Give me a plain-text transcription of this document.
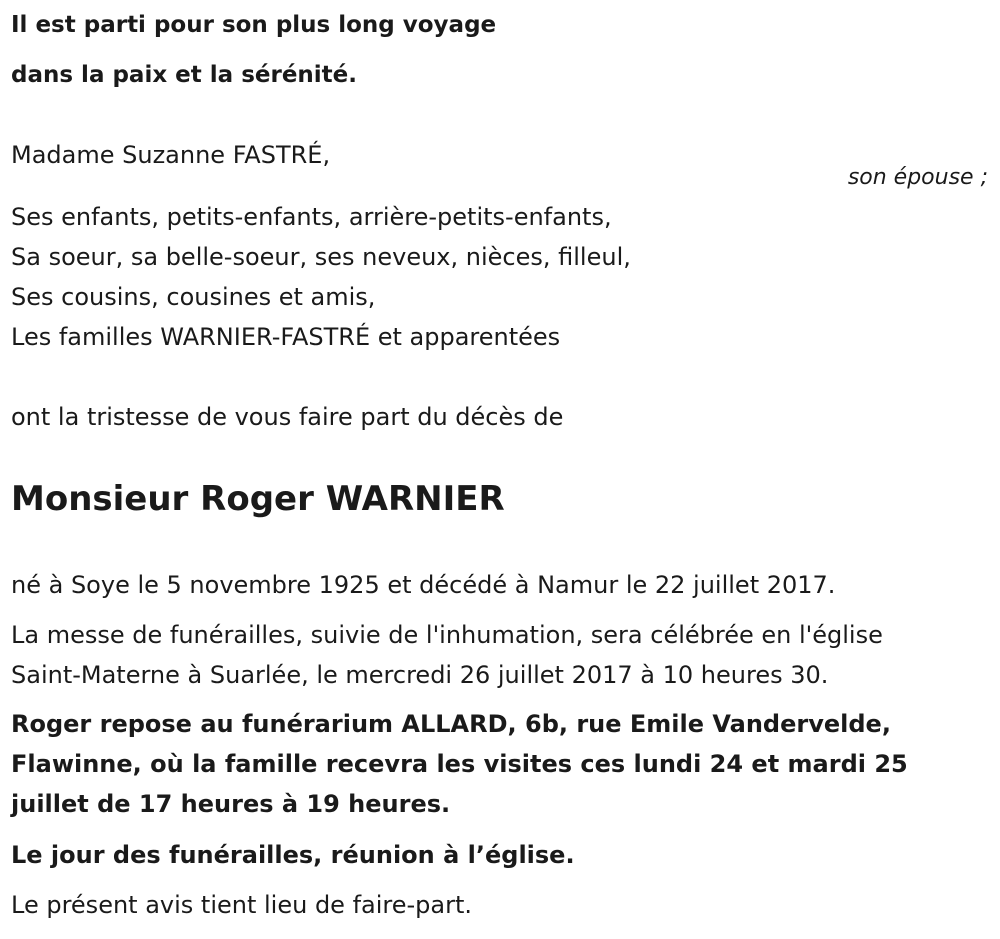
Il est parti pour son plus long voyage
dans la paix et la sérénité.
Madame Suzanne FASTRÉ,
son épouse ;
Ses enfants, petits-enfants, arrière-petits-enfants,
Sa soeur, sa belle-soeur, ses neveux, nièces, filleul,
Ses cousins, cousines et amis,
Les familles WARNIER-FASTRÉ et apparentées
ont la tristesse de vous faire part du décès de
Monsieur Roger WARNIER
né à Soye le 5 novembre 1925 et décédé à Namur le 22 juillet 2017.
La messe de funérailles, suivie de l'inhumation, sera célébrée en l'église
Saint-Materne à Suarlée, le mercredi 26 juillet 2017 à 10 heures 30.
Roger repose au funérarium ALLARD, 6b, rue Emile Vandervelde,
Flawinne, où la famille recevra les visites ces lundi 24 et mardi 25
juillet de 17 heures à 19 heures.
Le jour des funérailles, réunion à l’église.
Le présent avis tient lieu de faire-part.
